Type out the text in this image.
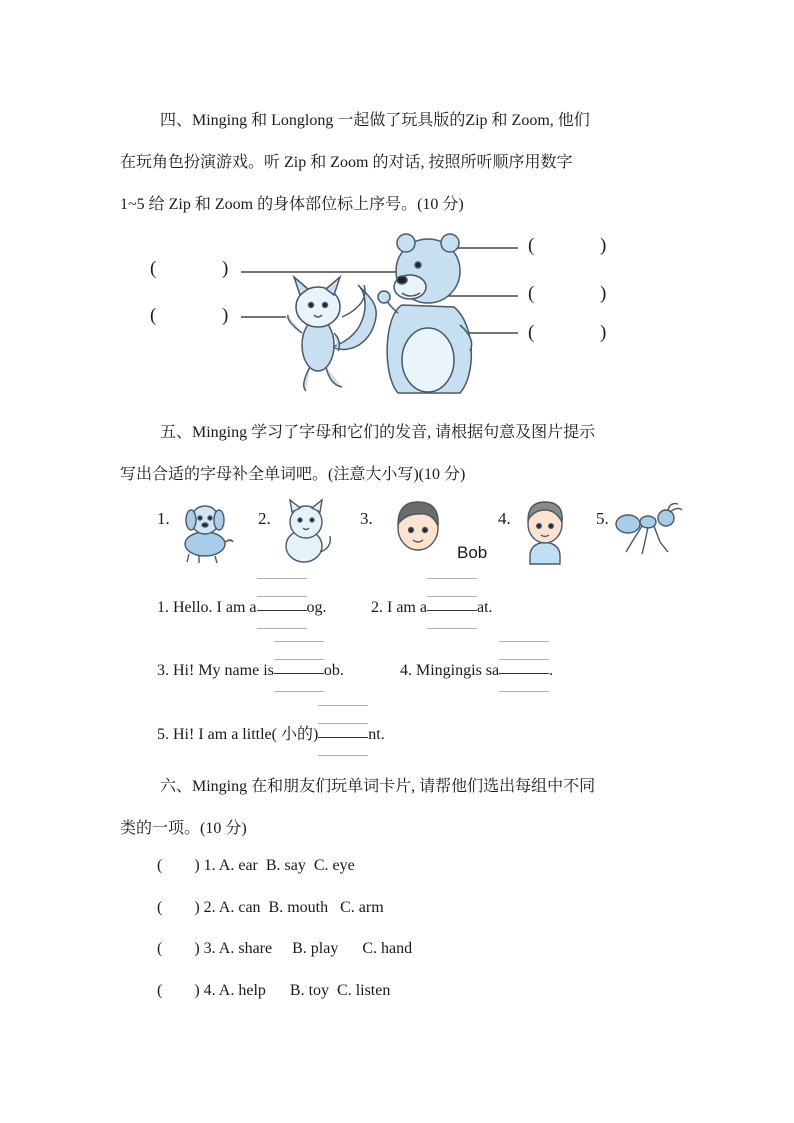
四、Minging 和 Longlong 一起做了玩具版的Zip 和 Zoom, 他们
在玩角色扮演游戏。听 Zip 和 Zoom 的对话, 按照所听顺序用数字
1~5 给 Zip 和 Zoom 的身体部位标上序号。(10 分)
(	)
(	)
(	)
(	)
(	)
五、Minging 学习了字母和它们的发音, 请根据句意及图片提示
写出合适的字母补全单词吧。(注意大小写)(10 分)
1.	2.	3.
Bob
4.	5.
1. Hello. I am a	og.	2. I am a	at.
3. Hi! My name is	ob.	4. Mingingis sa	.
5. Hi! I am a little( 小的)	nt.
六、Minging 在和朋友们玩单词卡片, 请帮他们选出每组中不同
类的一项。(10 分)
(        ) 1. A. ear B. say C. eye
(        ) 2. A. can B. mouth C. arm
(        ) 3. A. share B. play C. hand
(        ) 4. A. help B. toy C. listen
